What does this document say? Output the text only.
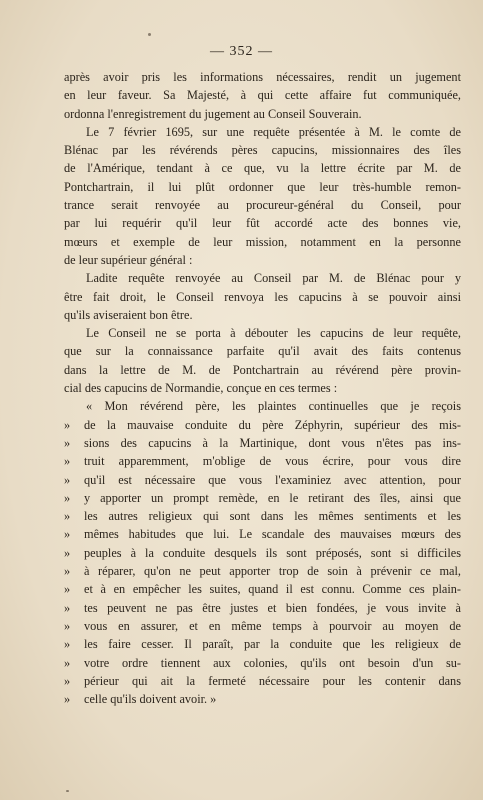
— 352 —
après avoir pris les informations nécessaires, rendit un jugement
en leur faveur. Sa Majesté, à qui cette affaire fut communiquée,
ordonna l'enregistrement du jugement au Conseil Souverain.
Le 7 février 1695, sur une requête présentée à M. le comte de
Blénac par les révérends pères capucins, missionnaires des îles
de l'Amérique, tendant à ce que, vu la lettre écrite par M. de
Pontchartrain, il lui plût ordonner que leur très-humble remon-
trance serait renvoyée au procureur-général du Conseil, pour
par lui requérir qu'il leur fût accordé acte des bonnes vie,
mœurs et exemple de leur mission, notamment en la personne
de leur supérieur général :
Ladite requête renvoyée au Conseil par M. de Blénac pour y
être fait droit, le Conseil renvoya les capucins à se pouvoir ainsi
qu'ils aviseraient bon être.
Le Conseil ne se porta à débouter les capucins de leur requête,
que sur la connaissance parfaite qu'il avait des faits contenus
dans la lettre de M. de Pontchartrain au révérend père provin-
cial des capucins de Normandie, conçue en ces termes :
« Mon révérend père, les plaintes continuelles que je reçois
» de la mauvaise conduite du père Zéphyrin, supérieur des mis-
» sions des capucins à la Martinique, dont vous n'êtes pas ins-
» truit apparemment, m'oblige de vous écrire, pour vous dire
» qu'il est nécessaire que vous l'examiniez avec attention, pour
» y apporter un prompt remède, en le retirant des îles, ainsi que
» les autres religieux qui sont dans les mêmes sentiments et les
» mêmes habitudes que lui. Le scandale des mauvaises mœurs des
» peuples à la conduite desquels ils sont préposés, sont si difficiles
» à réparer, qu'on ne peut apporter trop de soin à prévenir ce mal,
» et à en empêcher les suites, quand il est connu. Comme ces plain-
» tes peuvent ne pas être justes et bien fondées, je vous invite à
» vous en assurer, et en même temps à pourvoir au moyen de
» les faire cesser. Il paraît, par la conduite que les religieux de
» votre ordre tiennent aux colonies, qu'ils ont besoin d'un su-
» périeur qui ait la fermeté nécessaire pour les contenir dans
» celle qu'ils doivent avoir. »
